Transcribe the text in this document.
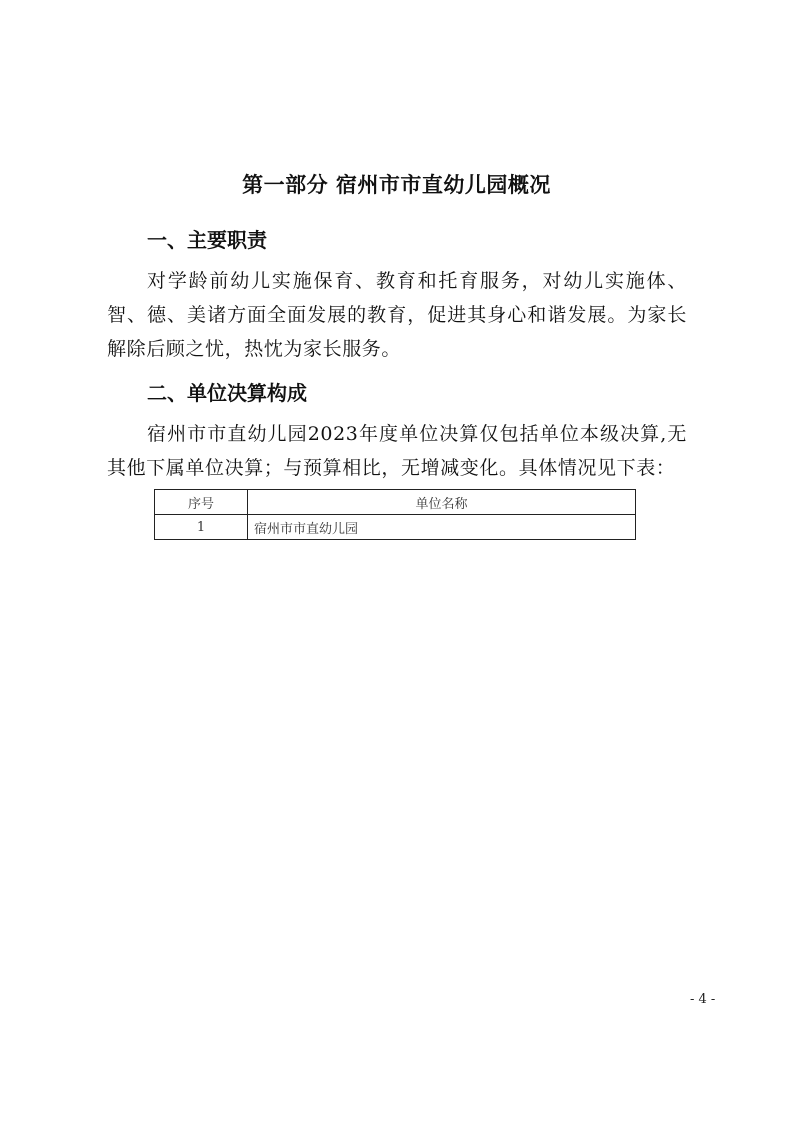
第一部分 宿州市市直幼儿园概况
一、主要职责

对学龄前幼儿实施保育、教育和托育服务，对幼儿实施体、智、德、美诸方面全面发展的教育，促进其身心和谐发展。为家长解除后顾之忧，热忱为家长服务。

二、单位决算构成

宿州市市直幼儿园2023年度单位决算仅包括单位本级决算,无其他下属单位决算；与预算相比，无增减变化。具体情况见下表：

序号	单位名称
1	宿州市市直幼儿园
- 4 -
